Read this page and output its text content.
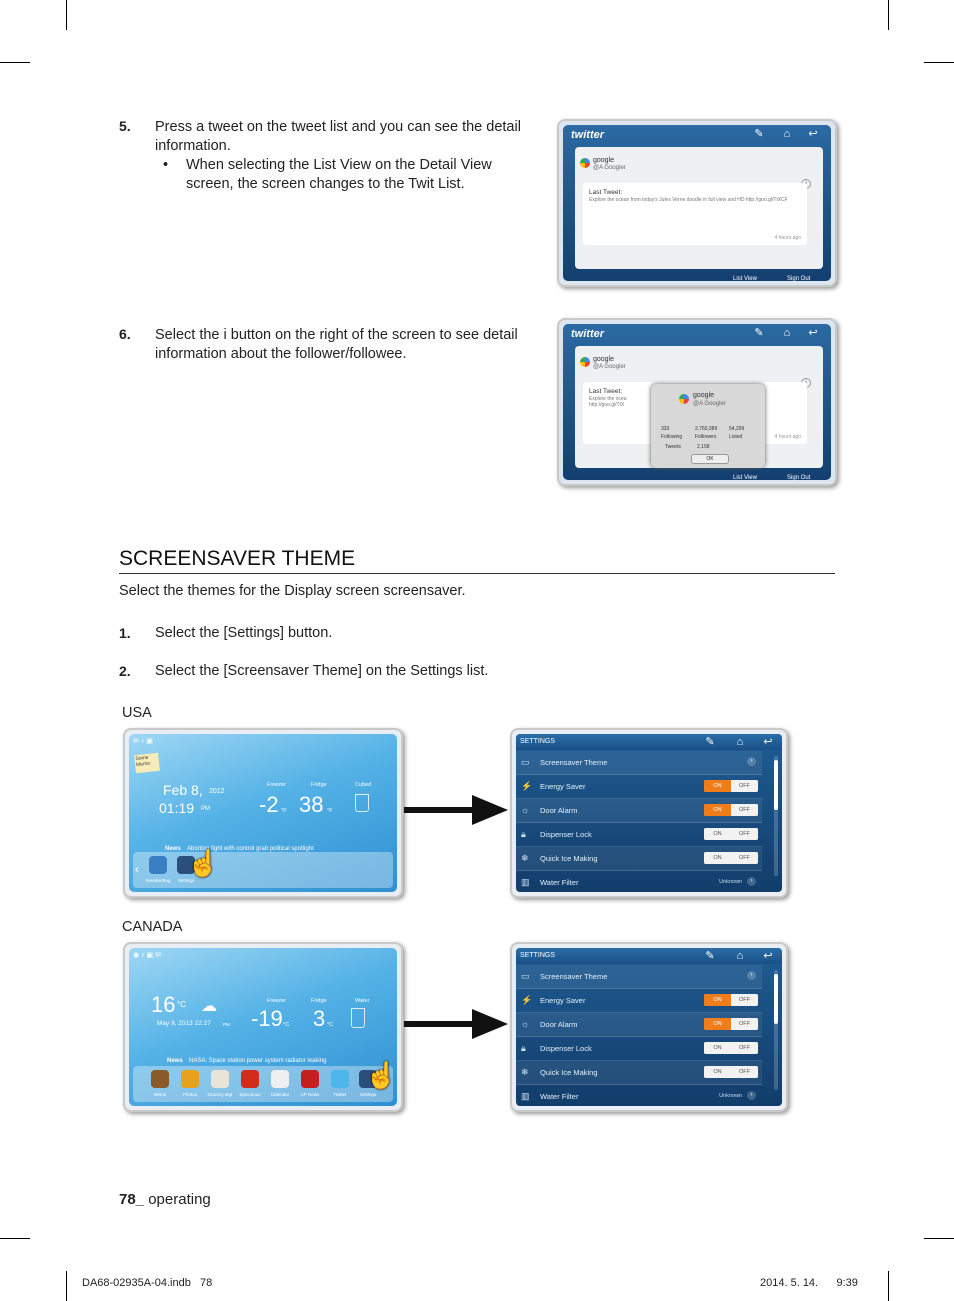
5. Press a tweet on the tweet list and you can see the detail information.
• When selecting the List View on the Detail View screen, the screen changes to the Twit List.
twitter	✎ ⌂ ↩
google
@A Googler
Last Tweet:
Explore the ocean from today's Jules Verne doodle in full view and HD http://goo.gl/TtXCF
4 hours ago
List View	Sign Out
6. Select the i button on the right of the screen to see detail information about the follower/followee.
twitter	✎ ⌂ ↩
google
@A Googler
Last Tweet:
Explore the ocea
http://goo.gl/TtX
4 hours ago
google
@A Googler
333
Following
2,760,389
Followers
54,299
Listed
Tweets	2,158
OK
List View	Sign Out
SCREENSAVER THEME
Select the themes for the Display screen screensaver.
1. Select the [Settings] button.
2. Select the [Screensaver Theme] on the Settings list.
USA
CANADA
✉ ♪ ▣
Some Memo
Feb 8, 2012
01:19 PM
Freezer
-2 °F
Fridge
38 °F
Cubed
News Abortion fight with control grab political spotlight
‹
WeatherBug	Settings
☝
SETTINGS	✎ ⌂ ↩
▭	Screensaver Theme	›
⚡ Energy Saver	ON	OFF
☼	Door Alarm	ON	OFF
🔒︎	Dispenser Lock	ON	OFF
❄	Quick Ice Making	ON	OFF
▥	Water Filter	Unknown	›
◉ ♪ ▣ ✉
16 °C ☁
May 9, 2013 22:27	PM
Freezer
-19 °C
Fridge
3 °C
Water
News NASA: Space station power system radiator leaking
Memo	Photos	Grocery Mgr	Epicurious	Calendar	AP News	Twitter	Settings
☝
SETTINGS	✎ ⌂ ↩
▭	Screensaver Theme	›
⚡ Energy Saver	ON	OFF
☼	Door Alarm	ON	OFF
🔒︎	Dispenser Lock	ON	OFF
❄	Quick Ice Making	ON	OFF
▥	Water Filter	Unknown	›
78_ operating
DA68-02935A-04.indb   78	2014. 5. 14.      9:39
